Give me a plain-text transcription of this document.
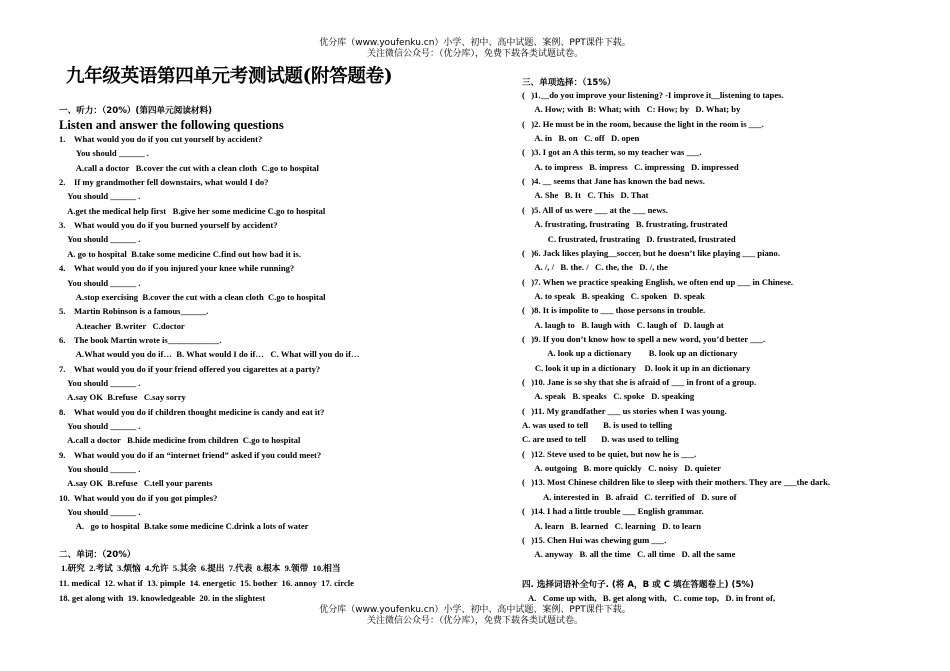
优分库（www.youfenku.cn）小学、初中、高中试题、案例、PPT课件下载。
关注微信公众号：（优分库），免费下载各类试题试卷。
九年级英语第四单元考测试题(附答题卷)
一、听力：（20%）(第四单元阅读材料)
Listen and answer the following questions
1.    What would you do if you cut yourself by accident?
You should ______ .
A.call a doctor   B.cover the cut with a clean cloth  C.go to hospital
2.    If my grandmother fell downstairs, what would I do?
You should ______ .
A.get the medical help first   B.give her some medicine C.go to hospital
3.    What would you do if you burned yourself by accident?
You should ______ .
A. go to hospital  B.take some medicine C.find out how bad it is.
4.    What would you do if you injured your knee while running?
You should ______ .
A.stop exercising  B.cover the cut with a clean cloth  C.go to hospital
5.    Martin Robinson is a famous______.
A.teacher  B.writer   C.doctor
6.    The book Martin wrote is____________.
A.What would you do if…  B. What would I do if…   C. What will you do if…
7.    What would you do if your friend offered you cigarettes at a party?
You should ______ .
A.say OK  B.refuse   C.say sorry
8.    What would you do if children thought medicine is candy and eat it?
You should ______ .
A.call a doctor   B.hide medicine from children  C.go to hospital
9.    What would you do if an “internet friend” asked if you could meet?
You should ______ .
A.say OK  B.refuse   C.tell your parents
10.  What would you do if you got pimples?
You should ______ .
A.   go to hospital  B.take some medicine C.drink a lots of water
二、单词：（20%）
1.研究  2.考试  3.烦恼  4.允许  5.其余  6.提出  7.代表  8.根本  9.领带  10.相当
11. medical  12. what if  13. pimple  14. energetic  15. bother  16. annoy  17. circle
18. get along with  19. knowledgeable  20. in the slightest
三、单项选择：（15%）
(   )1.__do you improve your listening? -I improve it__listening to tapes.
A. How; with  B: What; with   C: How; by   D. What; by
(   )2. He must be in the room, because the light in the room is ___.
A. in   B. on   C. off   D. open
(   )3. I got an A this term, so my teacher was ___.
A. to impress   B. impress   C. impressing   D. impressed
(   )4. __ seems that Jane has known the bad news.
A. She   B. It   C. This   D. That
(   )5. All of us were ___ at the ___ news.
A. frustrating, frustrating   B. frustrating, frustrated
C. frustrated, frustrating   D. frustrated, frustrated
(   )6. Jack likes playing__soccer, but he doesn’t like playing ___ piano.
A. /, /   B. the. /   C. the, the   D. /, the
(   )7. When we practice speaking English, we often end up ___ in Chinese.
A. to speak   B. speaking   C. spoken   D. speak
(   )8. It is impolite to ___ those persons in trouble.
A. laugh to   B. laugh with   C. laugh of   D. laugh at
(   )9. If you don’t know how to spell a new word, you’d better ___.
A. look up a dictionary        B. look up an dictionary
C. look it up in a dictionary    D. look it up in an dictionary
(   )10. Jane is so shy that she is afraid of ___ in front of a group.
A. speak   B. speaks   C. spoke   D. speaking
(   )11. My grandfather ___ us stories when I was young.
A. was used to tell       B. is used to telling
C. are used to tell       D. was used to telling
(   )12. Steve used to be quiet, but now he is ___.
A. outgoing   B. more quickly   C. noisy   D. quieter
(   )13. Most Chinese children like to sleep with their mothers. They are ___the dark.
A. interested in   B. afraid   C. terrified of   D. sure of
(   )14. I had a little trouble ___ English grammar.
A. learn   B. learned   C. learning   D. to learn
(   )15. Chen Hui was chewing gum ___.
A. anyway   B. all the time   C. all time   D. all the same
四. 选择词语补全句子. (将 A，B 或 C 填在答题卷上) (5%)
A.   Come up with,   B. get along with,   C. come top,   D. in front of,
优分库（www.youfenku.cn）小学、初中、高中试题、案例、PPT课件下载。
关注微信公众号：（优分库），免费下载各类试题试卷。
